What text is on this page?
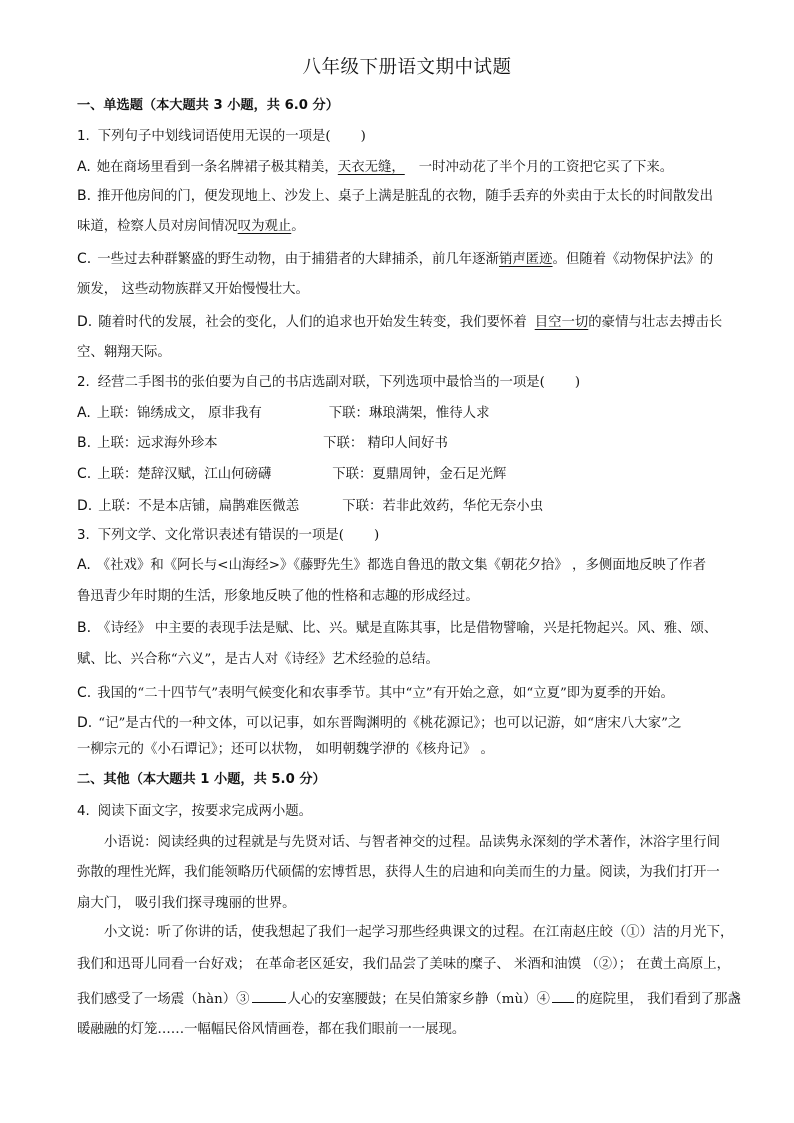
八年级下册语文期中试题
一、单选题（本大题共 3 小题，共 6.0 分）
1. 下列句子中划线词语使用无误的一项是( )
A. 她在商场里看到一条名牌裙子极其精美，天衣无缝， 一时冲动花了半个月的工资把它买了下来。
B. 推开他房间的门，便发现地上、沙发上、桌子上满是脏乱的衣物，随手丢弃的外卖由于太长的时间散发出
味道，检察人员对房间情况叹为观止。
C. 一些过去种群繁盛的野生动物，由于捕猎者的大肆捕杀，前几年逐渐销声匿迹。但随着《动物保护法》的
颁发， 这些动物族群又开始慢慢壮大。
D. 随着时代的发展，社会的变化，人们的追求也开始发生转变，我们要怀着 目空一切的豪情与壮志去搏击长
空、翱翔天际。
2. 经营二手图书的张伯要为自己的书店选副对联，下列选项中最恰当的一项是( )
A. 上联：锦绣成文， 原非我有	下联：琳琅满架，惟待人求
B. 上联：远求海外珍本	下联： 精印人间好书
C. 上联：楚辞汉赋，江山何磅礴	下联：夏鼎周钟，金石足光辉
D. 上联：不是本店铺，扁鹊难医微恙	下联：若非此效药，华佗无奈小虫
3. 下列文学、文化常识表述有错误的一项是( )
A. 《社戏》和《阿长与<山海经>》《藤野先生》都选自鲁迅的散文集《朝花夕拾》 ，多侧面地反映了作者
鲁迅青少年时期的生活，形象地反映了他的性格和志趣的形成经过。
B. 《诗经》 中主要的表现手法是赋、比、兴。赋是直陈其事，比是借物譬喻，兴是托物起兴。风、雅、颂、
赋、比、兴合称“六义”，是古人对《诗经》艺术经验的总结。
C. 我国的“二十四节气”表明气候变化和农事季节。其中“立”有开始之意，如“立夏”即为夏季的开始。
D. “记”是古代的一种文体，可以记事，如东晋陶渊明的《桃花源记》；也可以记游，如“唐宋八大家”之
一柳宗元的《小石谭记》；还可以状物， 如明朝魏学洢的《核舟记》 。
二、其他（本大题共 1 小题，共 5.0 分）
4. 阅读下面文字，按要求完成两小题。
小语说：阅读经典的过程就是与先贤对话、与智者神交的过程。品读隽永深刻的学术著作，沐浴字里行间
弥散的理性光辉，我们能领略历代硕儒的宏博哲思，获得人生的启迪和向美而生的力量。阅读，为我们打开一
扇大门， 吸引我们探寻瑰丽的世界。
小文说：听了你讲的话，使我想起了我们一起学习那些经典课文的过程。在江南赵庄皎（①）洁的月光下，
我们和迅哥儿同看一台好戏； 在革命老区延安，我们品尝了美味的糜子、 米酒和油馍 （②）； 在黄土高原上，
我们感受了一场震（hàn）③	人心的安塞腰鼓；在吴伯箫家乡静（mù）④ 的庭院里， 我们看到了那盏
暖融融的灯笼……一幅幅民俗风情画卷，都在我们眼前一一展现。
